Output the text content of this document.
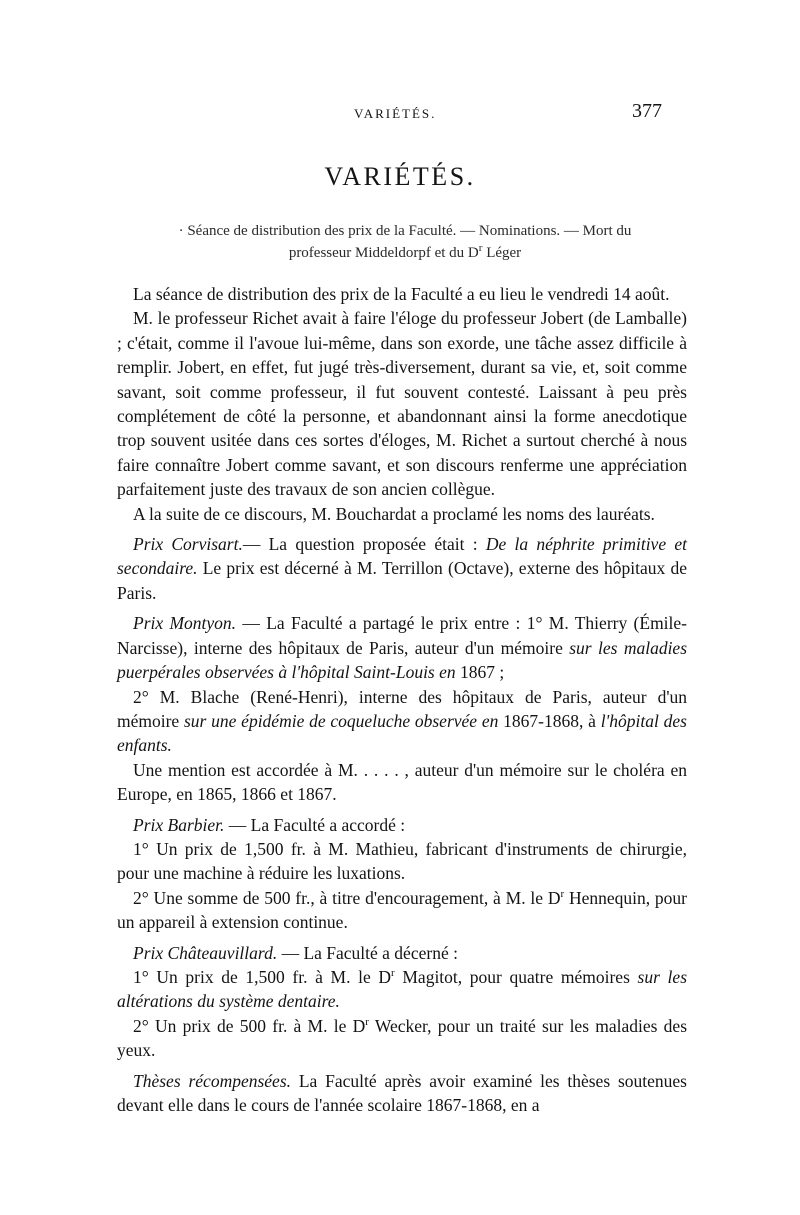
VARIÉTÉS.	377
VARIÉTÉS.
· Séance de distribution des prix de la Faculté. — Nominations. — Mort du
professeur Middeldorpf et du $D^r$ Léger

La séance de distribution des prix de la Faculté a eu lieu le vendredi 14 août.

M. le professeur Richet avait à faire l'éloge du professeur Jobert (de Lamballe) ; c'était, comme il l'avoue lui-même, dans son exorde, une tâche assez difficile à remplir. Jobert, en effet, fut jugé très-diversement, durant sa vie, et, soit comme savant, soit comme professeur, il fut souvent contesté. Laissant à peu près complétement de côté la personne, et abandonnant ainsi la forme anecdotique trop souvent usitée dans ces sortes d'éloges, M. Richet a surtout cherché à nous faire connaître Jobert comme savant, et son discours renferme une appréciation parfaitement juste des travaux de son ancien collègue.

A la suite de ce discours, M. Bouchardat a proclamé les noms des lauréats.

Prix Corvisart.— La question proposée était : De la néphrite primitive et secondaire. Le prix est décerné à M. Terrillon (Octave), externe des hôpitaux de Paris.

Prix Montyon. — La Faculté a partagé le prix entre : 1° M. Thierry (Émile-Narcisse), interne des hôpitaux de Paris, auteur d'un mémoire sur les maladies puerpérales observées à l'hôpital Saint-Louis en 1867 ;

2° M. Blache (René-Henri), interne des hôpitaux de Paris, auteur d'un mémoire sur une épidémie de coqueluche observée en 1867-1868, à l'hôpital des enfants.

Une mention est accordée à M. . . . . , auteur d'un mémoire sur le choléra en Europe, en 1865, 1866 et 1867.

Prix Barbier. — La Faculté a accordé :

1° Un prix de 1,500 fr. à M. Mathieu, fabricant d'instruments de chirurgie, pour une machine à réduire les luxations.

2° Une somme de 500 fr., à titre d'encouragement, à M. le $D^r$ Hennequin, pour un appareil à extension continue.

Prix Châteauvillard. — La Faculté a décerné :

1° Un prix de 1,500 fr. à M. le $D^r$ Magitot, pour quatre mémoires sur les altérations du système dentaire.

2° Un prix de 500 fr. à M. le $D^r$ Wecker, pour un traité sur les maladies des yeux.

Thèses récompensées. La Faculté après avoir examiné les thèses soutenues devant elle dans le cours de l'année scolaire 1867-1868, en a
